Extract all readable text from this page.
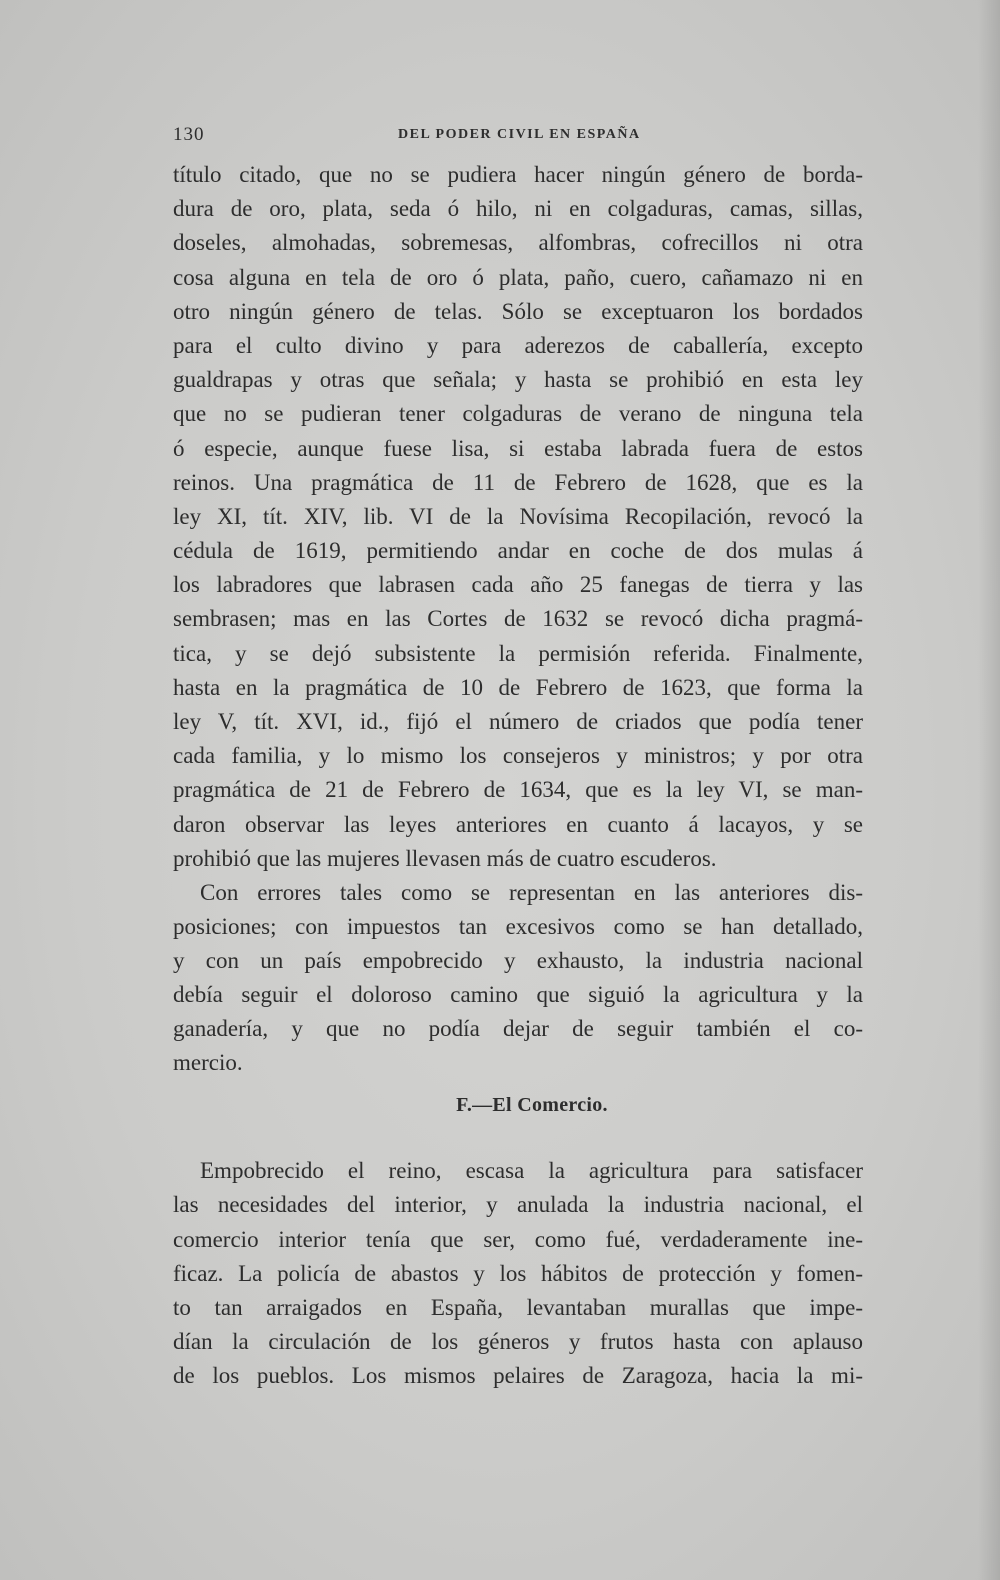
130	DEL PODER CIVIL EN ESPAÑA
título citado, que no se pudiera hacer ningún género de borda-
dura de oro, plata, seda ó hilo, ni en colgaduras, camas, sillas,
doseles, almohadas, sobremesas, alfombras, cofrecillos ni otra
cosa alguna en tela de oro ó plata, paño, cuero, cañamazo ni en
otro ningún género de telas. Sólo se exceptuaron los bordados
para el culto divino y para aderezos de caballería, excepto
gualdrapas y otras que señala; y hasta se prohibió en esta ley
que no se pudieran tener colgaduras de verano de ninguna tela
ó especie, aunque fuese lisa, si estaba labrada fuera de estos
reinos. Una pragmática de 11 de Febrero de 1628, que es la
ley XI, tít. XIV, lib. VI de la Novísima Recopilación, revocó la
cédula de 1619, permitiendo andar en coche de dos mulas á
los labradores que labrasen cada año 25 fanegas de tierra y las
sembrasen; mas en las Cortes de 1632 se revocó dicha pragmá-
tica, y se dejó subsistente la permisión referida. Finalmente,
hasta en la pragmática de 10 de Febrero de 1623, que forma la
ley V, tít. XVI, id., fijó el número de criados que podía tener
cada familia, y lo mismo los consejeros y ministros; y por otra
pragmática de 21 de Febrero de 1634, que es la ley VI, se man-
daron observar las leyes anteriores en cuanto á lacayos, y se
prohibió que las mujeres llevasen más de cuatro escuderos.
Con errores tales como se representan en las anteriores dis-
posiciones; con impuestos tan excesivos como se han detallado,
y con un país empobrecido y exhausto, la industria nacional
debía seguir el doloroso camino que siguió la agricultura y la
ganadería, y que no podía dejar de seguir también el co-
mercio.
F.—El Comercio.
Empobrecido el reino, escasa la agricultura para satisfacer
las necesidades del interior, y anulada la industria nacional, el
comercio interior tenía que ser, como fué, verdaderamente ine-
ficaz. La policía de abastos y los hábitos de protección y fomen-
to tan arraigados en España, levantaban murallas que impe-
dían la circulación de los géneros y frutos hasta con aplauso
de los pueblos. Los mismos pelaires de Zaragoza, hacia la mi-
